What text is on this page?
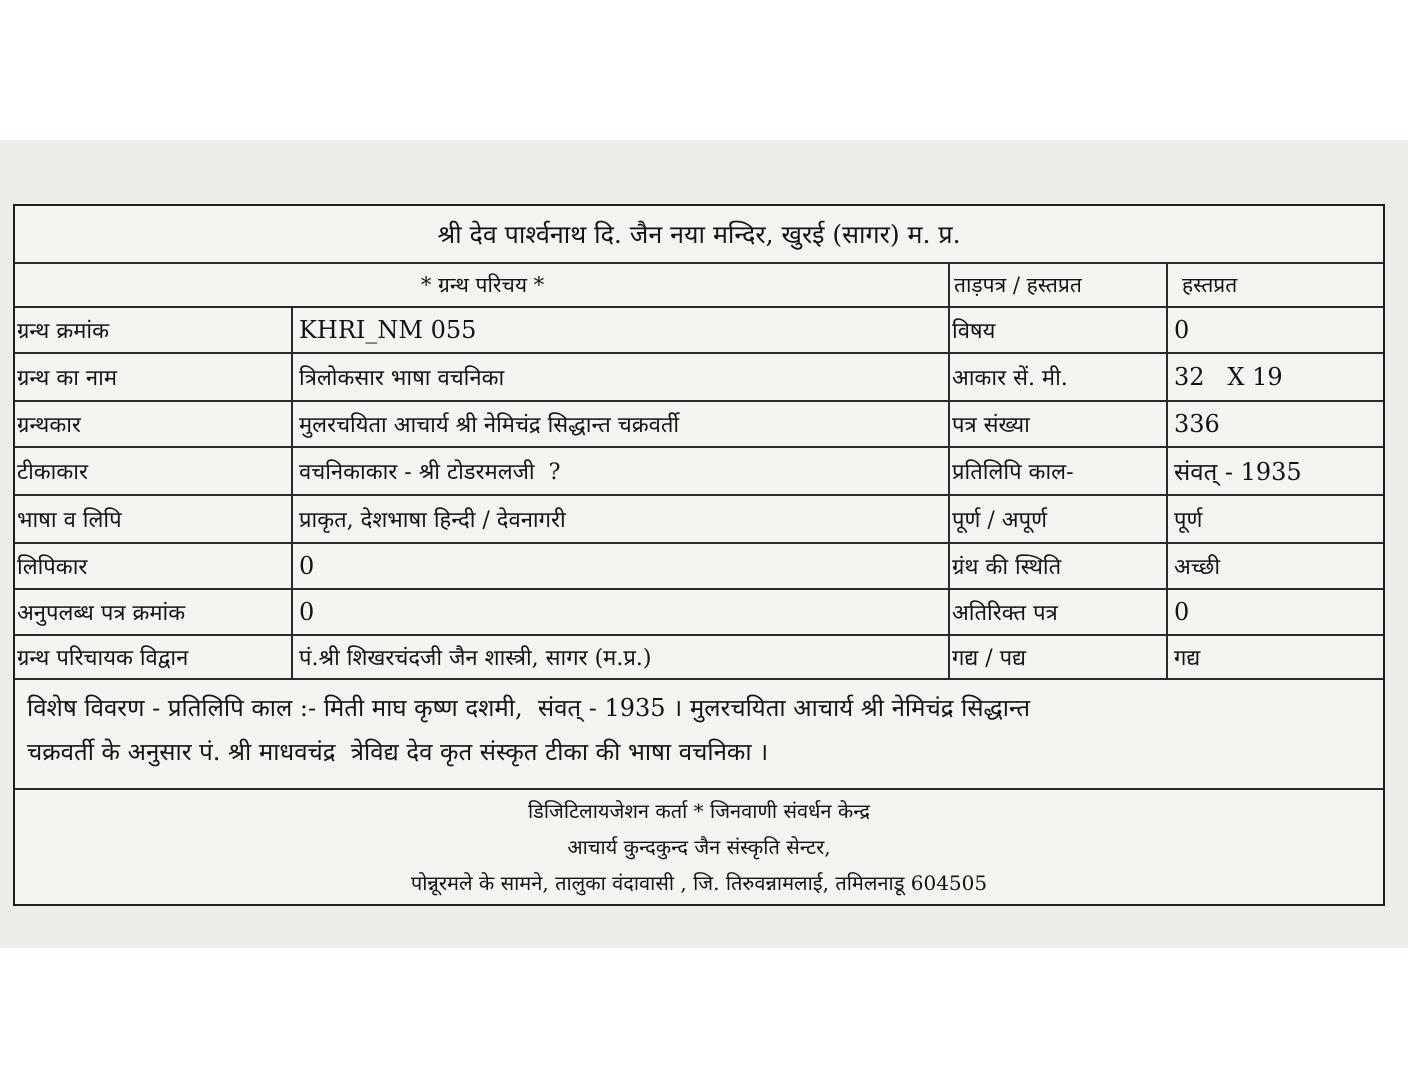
श्री देव पार्श्वनाथ दि. जैन नया मन्दिर, खुरई (सागर) म. प्र.
* ग्रन्थ परिचय *	ताड़पत्र / हस्तप्रत	हस्तप्रत
ग्रन्थ क्रमांक	KHRI_NM 055	विषय	0
ग्रन्थ का नाम	त्रिलोकसार भाषा वचनिका	आकार सें. मी.	32   X 19
ग्रन्थकार	मुलरचयिता आचार्य श्री नेमिचंद्र सिद्धान्त चक्रवर्ती	पत्र संख्या	336
टीकाकार	वचनिकाकार - श्री टोडरमलजी  ?	प्रतिलिपि काल-	संवत् - 1935
भाषा व लिपि	प्राकृत, देशभाषा हिन्दी / देवनागरी	पूर्ण / अपूर्ण	पूर्ण
लिपिकार	0	ग्रंथ की स्थिति	अच्छी
अनुपलब्ध पत्र क्रमांक	0	अतिरिक्त पत्र	0
ग्रन्थ परिचायक विद्वान	पं.श्री शिखरचंदजी जैन शास्त्री, सागर (म.प्र.)	गद्य / पद्य	गद्य
विशेष विवरण - प्रतिलिपि काल :- मिती माघ कृष्ण दशमी,  संवत् - 1935 । मुलरचयिता आचार्य श्री नेमिचंद्र सिद्धान्त
चक्रवर्ती के अनुसार पं. श्री माधवचंद्र  त्रेविद्य देव कृत संस्कृत टीका की भाषा वचनिका ।
डिजिटिलायजेशन कर्ता * जिनवाणी संवर्धन केन्द्र
आचार्य कुन्दकुन्द जैन संस्कृति सेन्टर,
पोन्नूरमले के सामने, तालुका वंदावासी , जि. तिरुवन्नामलाई, तमिलनाडू 604505
